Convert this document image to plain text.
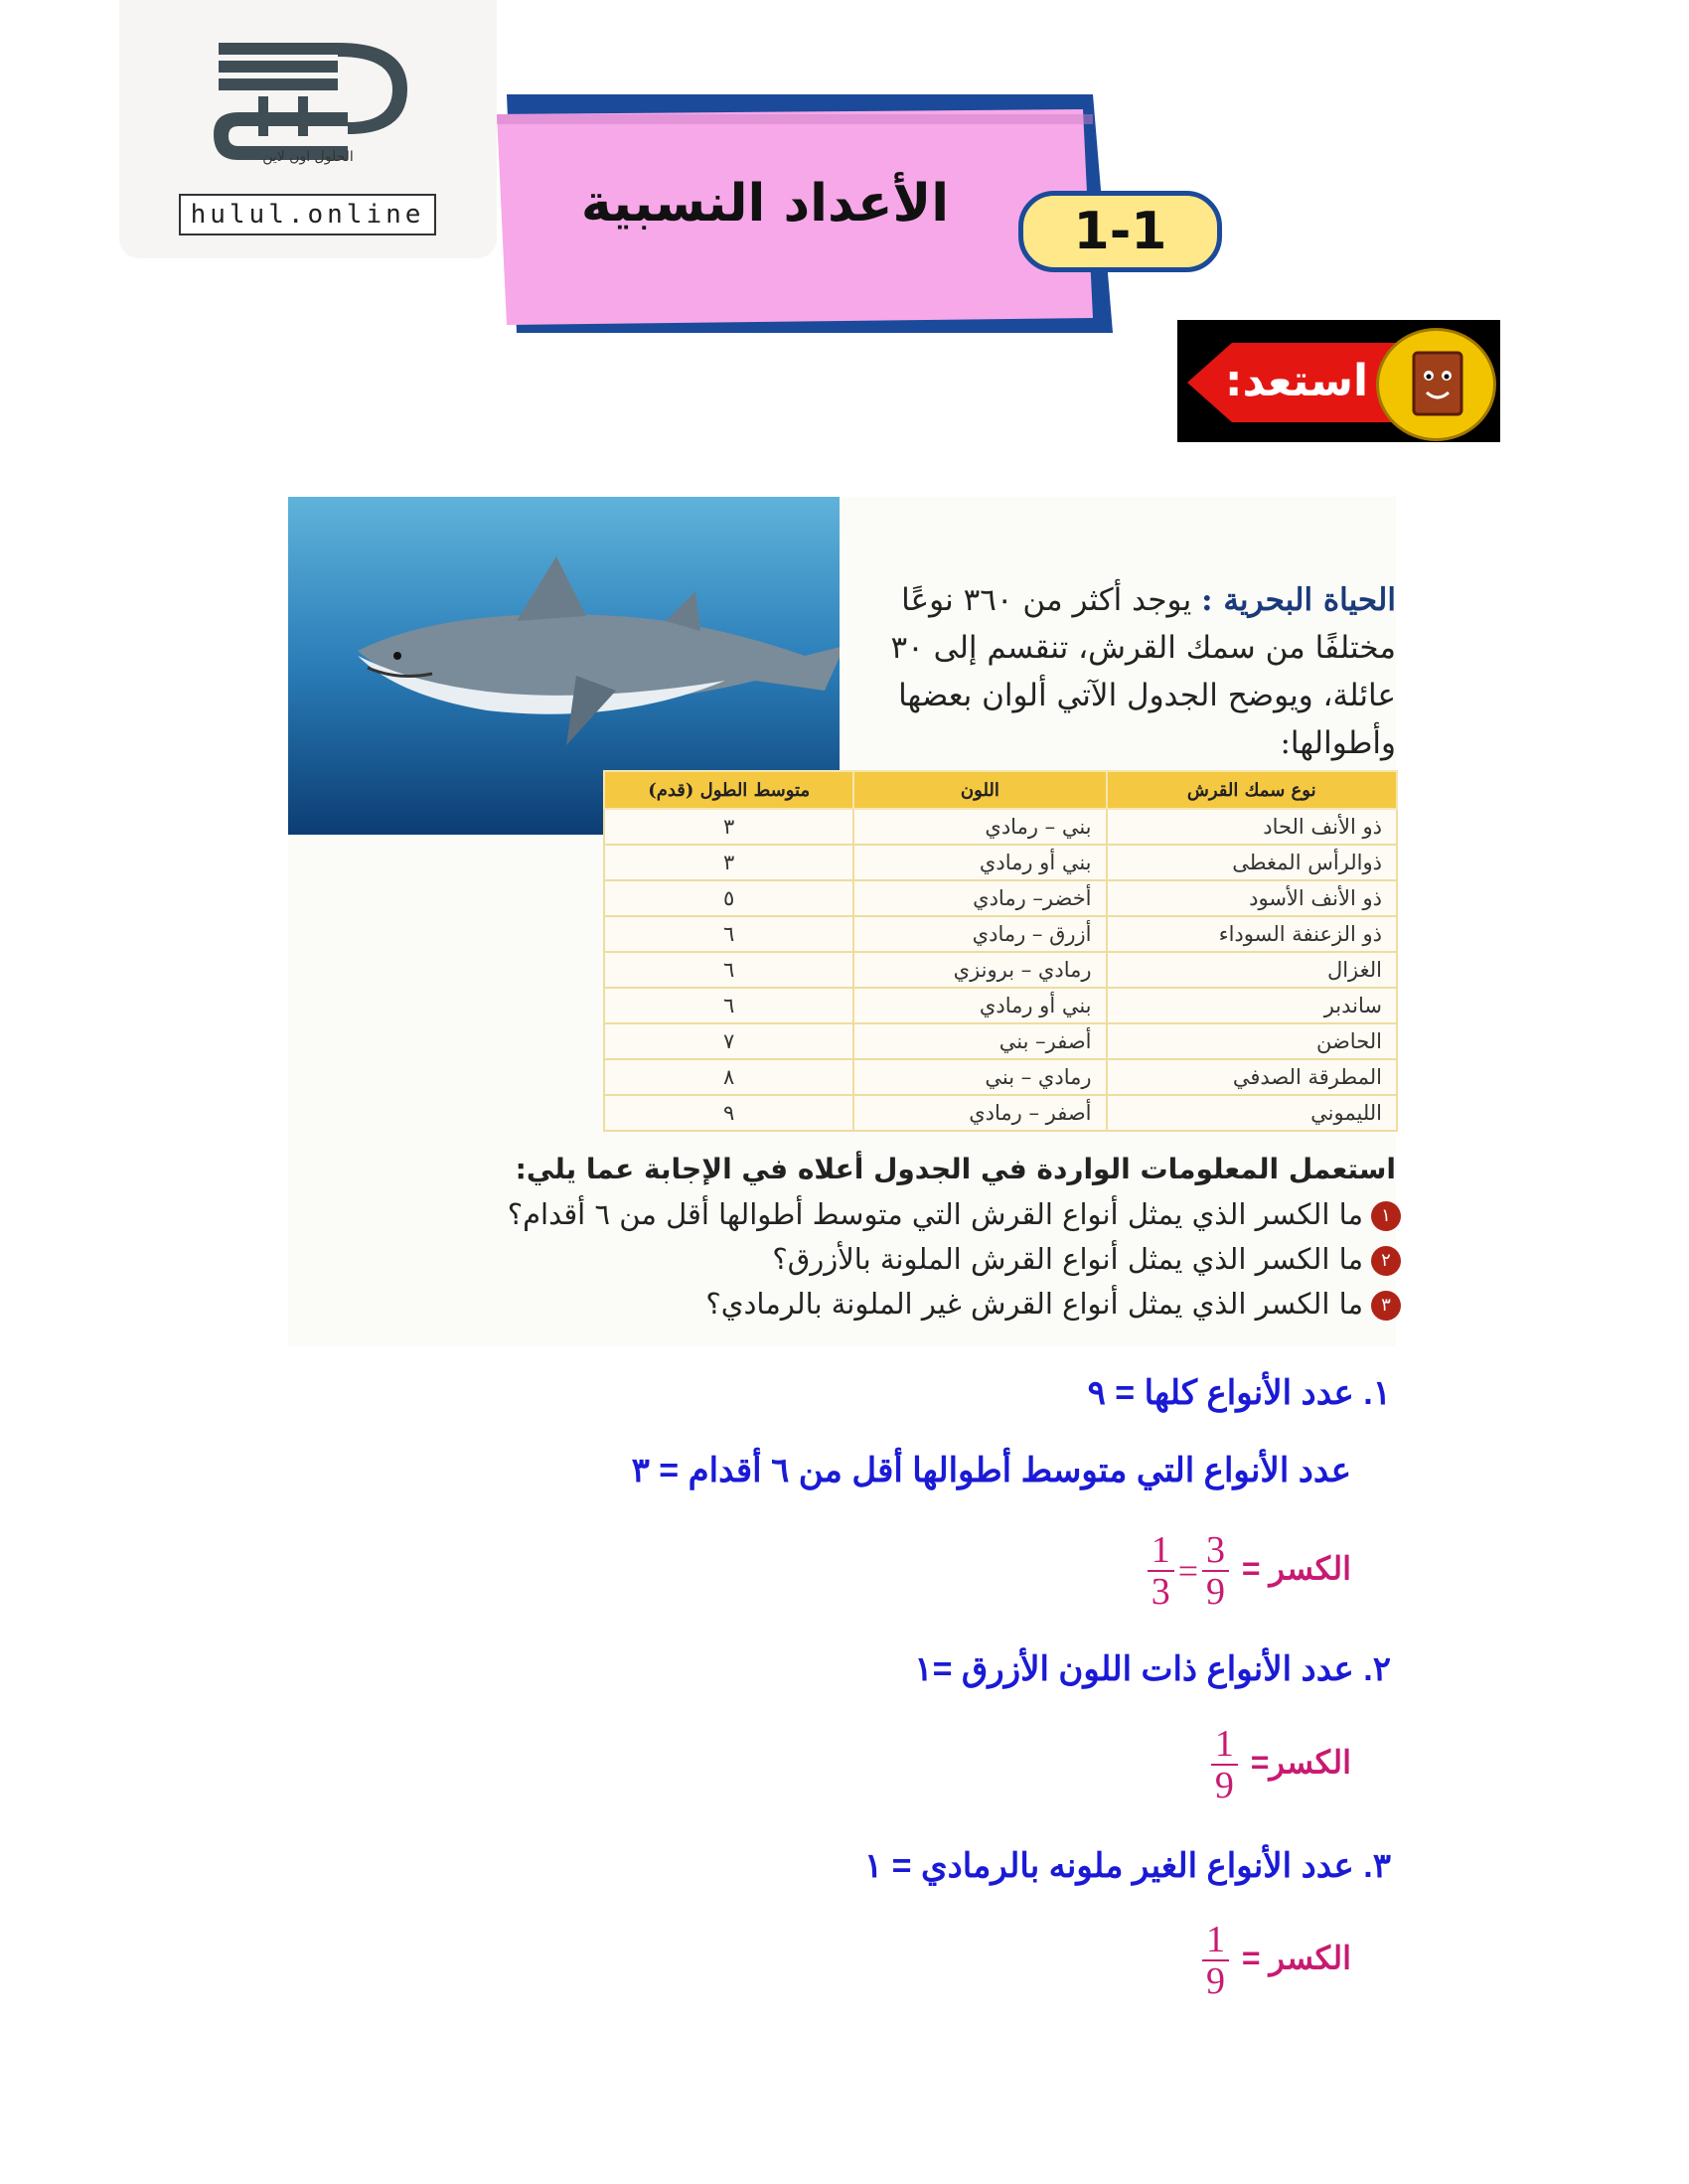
الحلول اون لاين
hulul.online	الأعداد النسبية	1-1
استعد:
الحياة البحرية : يوجد أكثر من ٣٦٠ نوعًا مختلفًا من سمك القرش، تنقسم إلى ٣٠ عائلة، ويوضح الجدول الآتي ألوان بعضها وأطوالها:
نوع سمك القرش	اللون	متوسط الطول (قدم)
ذو الأنف الحاد	بني – رمادي	٣
ذوالرأس المغطى	بني أو رمادي	٣
ذو الأنف الأسود	أخضر– رمادي	٥
ذو الزعنفة السوداء	أزرق – رمادي	٦
الغزال	رمادي – برونزي	٦
ساندبر	بني أو رمادي	٦
الحاضن	أصفر– بني	٧
المطرقة الصدفي	رمادي – بني	٨
الليموني	أصفر – رمادي	٩
استعمل المعلومات الواردة في الجدول أعلاه في الإجابة عما يلي:
١ما الكسر الذي يمثل أنواع القرش التي متوسط أطوالها أقل من ٦ أقدام؟
٢ما الكسر الذي يمثل أنواع القرش الملونة بالأزرق؟
٣ما الكسر الذي يمثل أنواع القرش غير الملونة بالرمادي؟
١. عدد الأنواع كلها = ٩
عدد الأنواع التي متوسط أطوالها أقل من ٦ أقدام = ٣
الكسر =
$\frac{3}{9}$
=
$\frac{1}{3}$
٢. عدد الأنواع ذات اللون الأزرق =١
الكسر=
$\frac{1}{9}$
٣. عدد الأنواع الغير ملونه بالرمادي = ١
الكسر =
$\frac{1}{9}$
